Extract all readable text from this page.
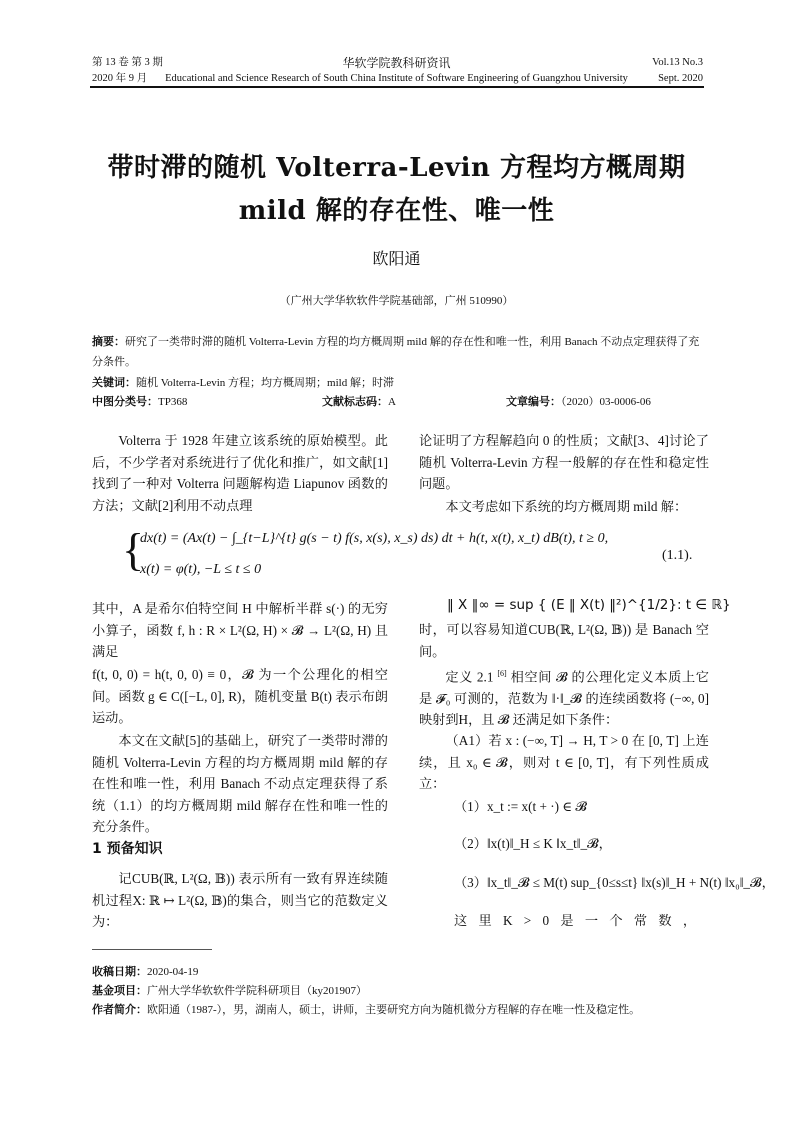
第 13 卷 第 3 期
2020 年 9 月
华软学院教科研资讯
Educational and Science Research of South China Institute of Software Engineering of Guangzhou University
Vol.13 No.3
Sept. 2020
带时滞的随机 Volterra-Levin 方程均方概周期
mild 解的存在性、唯一性
欧阳通
（广州大学华软软件学院基础部，广州 510990）
摘要：研究了一类带时滞的随机 Volterra-Levin 方程的均方概周期 mild 解的存在性和唯一性，利用 Banach 不动点定理获得了充分条件。
关键词：随机 Volterra-Levin 方程；均方概周期；mild 解；时滞
中图分类号：TP368	文献标志码：A	文章编号：（2020）03-0006-06
Volterra 于 1928 年建立该系统的原始模型。此后，不少学者对系统进行了优化和推广，如文献[1]找到了一种对 Volterra 问题解构造 Liapunov 函数的方法；文献[2]利用不动点理
论证明了方程解趋向 0 的性质；文献[3、4]讨论了随机 Volterra-Levin 方程一般解的存在性和稳定性问题。
本文考虑如下系统的均方概周期 mild 解：
{
dx(t) = (Ax(t) − ∫_{t−L}^{t} g(s − t) f(s, x(s), x_s) ds) dt + h(t, x(t), x_t) dB(t), t ≥ 0,
x(t) = φ(t), −L ≤ t ≤ 0
(1.1).
其中，A 是希尔伯特空间 H 中解析半群 s(·) 的无穷小算子，函数 f, h : R × L²(Ω, H) × 𝓑 → L²(Ω, H) 且满足
f(t, 0, 0) = h(t, 0, 0) ≡ 0，𝓑 为一个公理化的相空间。函数 g ∈ C([−L, 0], R)，随机变量 B(t) 表示布朗运动。
本文在文献[5]的基础上，研究了一类带时滞的随机 Volterra-Levin 方程的均方概周期 mild 解的存在性和唯一性，利用 Banach 不动点定理获得了系统（1.1）的均方概周期 mild 解存在性和唯一性的充分条件。
1 预备知识
记CUB(ℝ, L²(Ω, 𝔹)) 表示所有一致有界连续随机过程X: ℝ ↦ L²(Ω, 𝔹)的集合，则当它的范数定义为：
‖ X ‖∞ = sup { (E ‖ X(t) ‖²)^{1/2}: t ∈ ℝ}
时，可以容易知道CUB(ℝ, L²(Ω, 𝔹)) 是 Banach 空间。
定义 2.1 [6] 相空间 𝓑 的公理化定义本质上它是 𝓕₀ 可测的，范数为 ‖·‖_𝓑 的连续函数将 (−∞, 0] 映射到H，且 𝓑 还满足如下条件：
（A1）若 x : (−∞, T] → H, T > 0 在 [0, T] 上连续，且 x₀ ∈ 𝓑，则对 t ∈ [0, T]，有下列性质成立：
（1）x_t := x(t + ·) ∈ 𝓑
（2）‖x(t)‖_H ≤ K ‖x_t‖_𝓑，
（3）‖x_t‖_𝓑 ≤ M(t) sup_{0≤s≤t} ‖x(s)‖_H + N(t) ‖x₀‖_𝓑，
这 里 K > 0 是 一 个 常 数 ，
收稿日期：2020-04-19
基金项目：广州大学华软软件学院科研项目（ky201907）
作者简介：欧阳通（1987-），男，湖南人，硕士，讲师，主要研究方向为随机微分方程解的存在唯一性及稳定性。
